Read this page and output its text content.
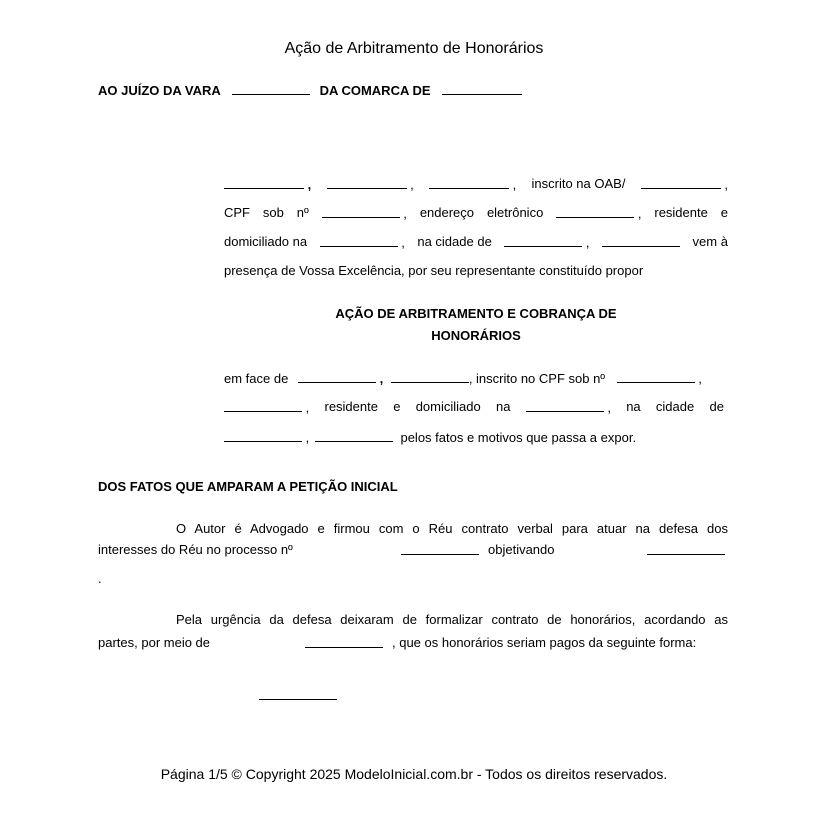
Ação de Arbitramento de Honorários
AO JUÍZO DA VARA	DA COMARCA DE
,	,	, inscrito na OAB/	,
CPF sob nº	, endereço eletrônico	, residente e
domiciliado na	, na cidade de	,	vem à
presença de Vossa Excelência, por seu representante constituído propor
AÇÃO DE ARBITRAMENTO E COBRANÇA DE
HONORÁRIOS
em face de	,	, inscrito no CPF sob nº	,
, residente e domiciliado na	, na cidade de
,	pelos fatos e motivos que passa a expor.
DOS FATOS QUE AMPARAM A PETIÇÃO INICIAL
O Autor é Advogado e firmou com o Réu contrato verbal para atuar na defesa dos
interesses do Réu no processo nº	objetivando
.
Pela urgência da defesa deixaram de formalizar contrato de honorários, acordando as
partes, por meio de	, que os honorários seriam pagos da seguinte forma:
Página 1/5 © Copyright 2025 ModeloInicial.com.br - Todos os direitos reservados.
